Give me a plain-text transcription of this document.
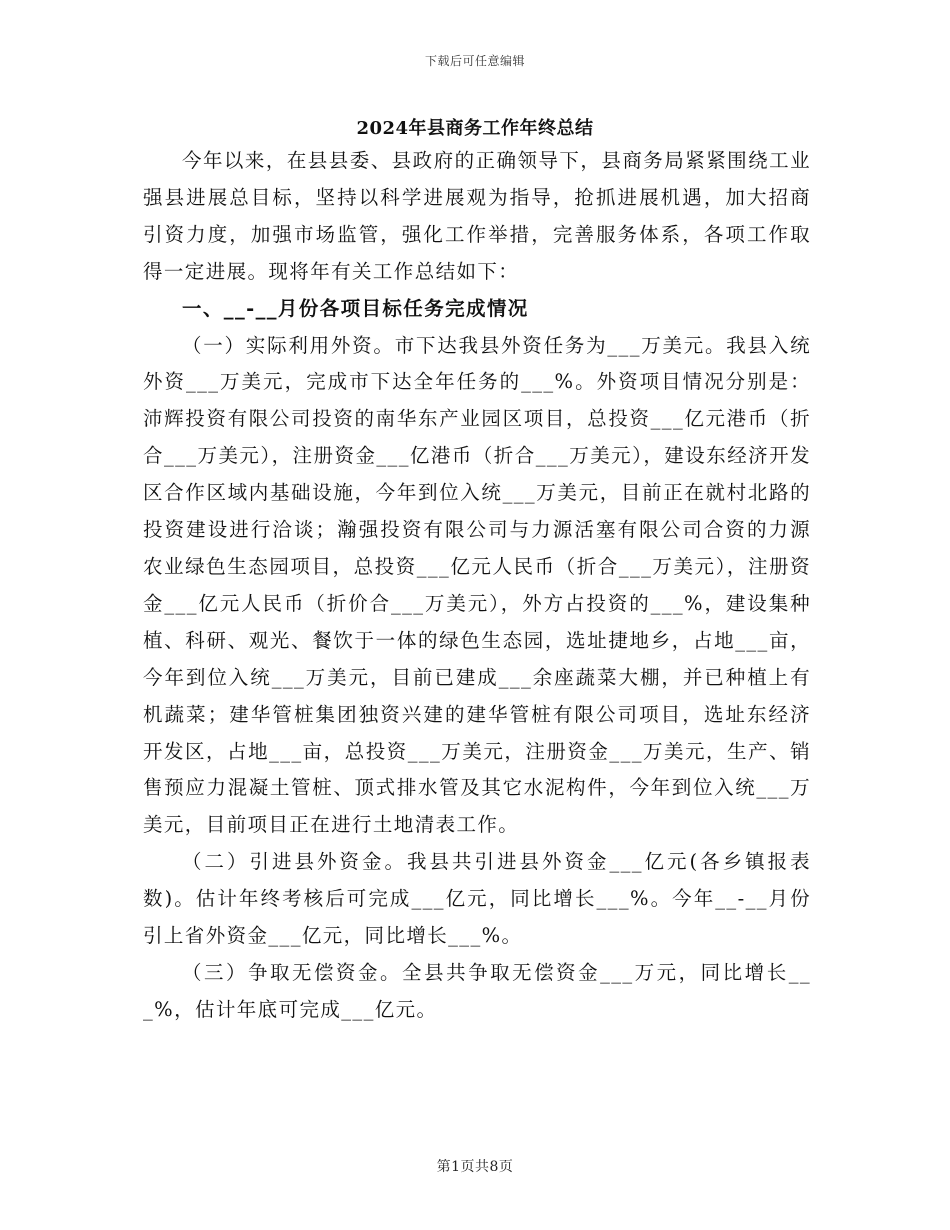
下载后可任意编辑
2024年县商务工作年终总结

今年以来，在县县委、县政府的正确领导下，县商务局紧紧围绕工业强县进展总目标，坚持以科学进展观为指导，抢抓进展机遇，加大招商引资力度，加强市场监管，强化工作举措，完善服务体系，各项工作取得一定进展。现将年有关工作总结如下：

一、__-__月份各项目标任务完成情况

（一）实际利用外资。市下达我县外资任务为___万美元。我县入统外资___万美元，完成市下达全年任务的___%。外资项目情况分别是：沛辉投资有限公司投资的南华东产业园区项目，总投资___亿元港币（折合___万美元），注册资金___亿港币（折合___万美元），建设东经济开发区合作区域内基础设施，今年到位入统___万美元，目前正在就村北路的投资建设进行洽谈；瀚强投资有限公司与力源活塞有限公司合资的力源农业绿色生态园项目，总投资___亿元人民币（折合___万美元），注册资金___亿元人民币（折价合___万美元），外方占投资的___%，建设集种植、科研、观光、餐饮于一体的绿色生态园，选址捷地乡，占地___亩，今年到位入统___万美元，目前已建成___余座蔬菜大棚，并已种植上有机蔬菜；建华管桩集团独资兴建的建华管桩有限公司项目，选址东经济开发区，占地___亩，总投资___万美元，注册资金___万美元，生产、销售预应力混凝土管桩、顶式排水管及其它水泥构件，今年到位入统___万美元，目前项目正在进行土地清表工作。

（二）引进县外资金。我县共引进县外资金___亿元(各乡镇报表数)。估计年终考核后可完成___亿元，同比增长___%。今年__-__月份引上省外资金___亿元，同比增长___%。

（三）争取无偿资金。全县共争取无偿资金___万元，同比增长___%，估计年底可完成___亿元。

第1页共8页
